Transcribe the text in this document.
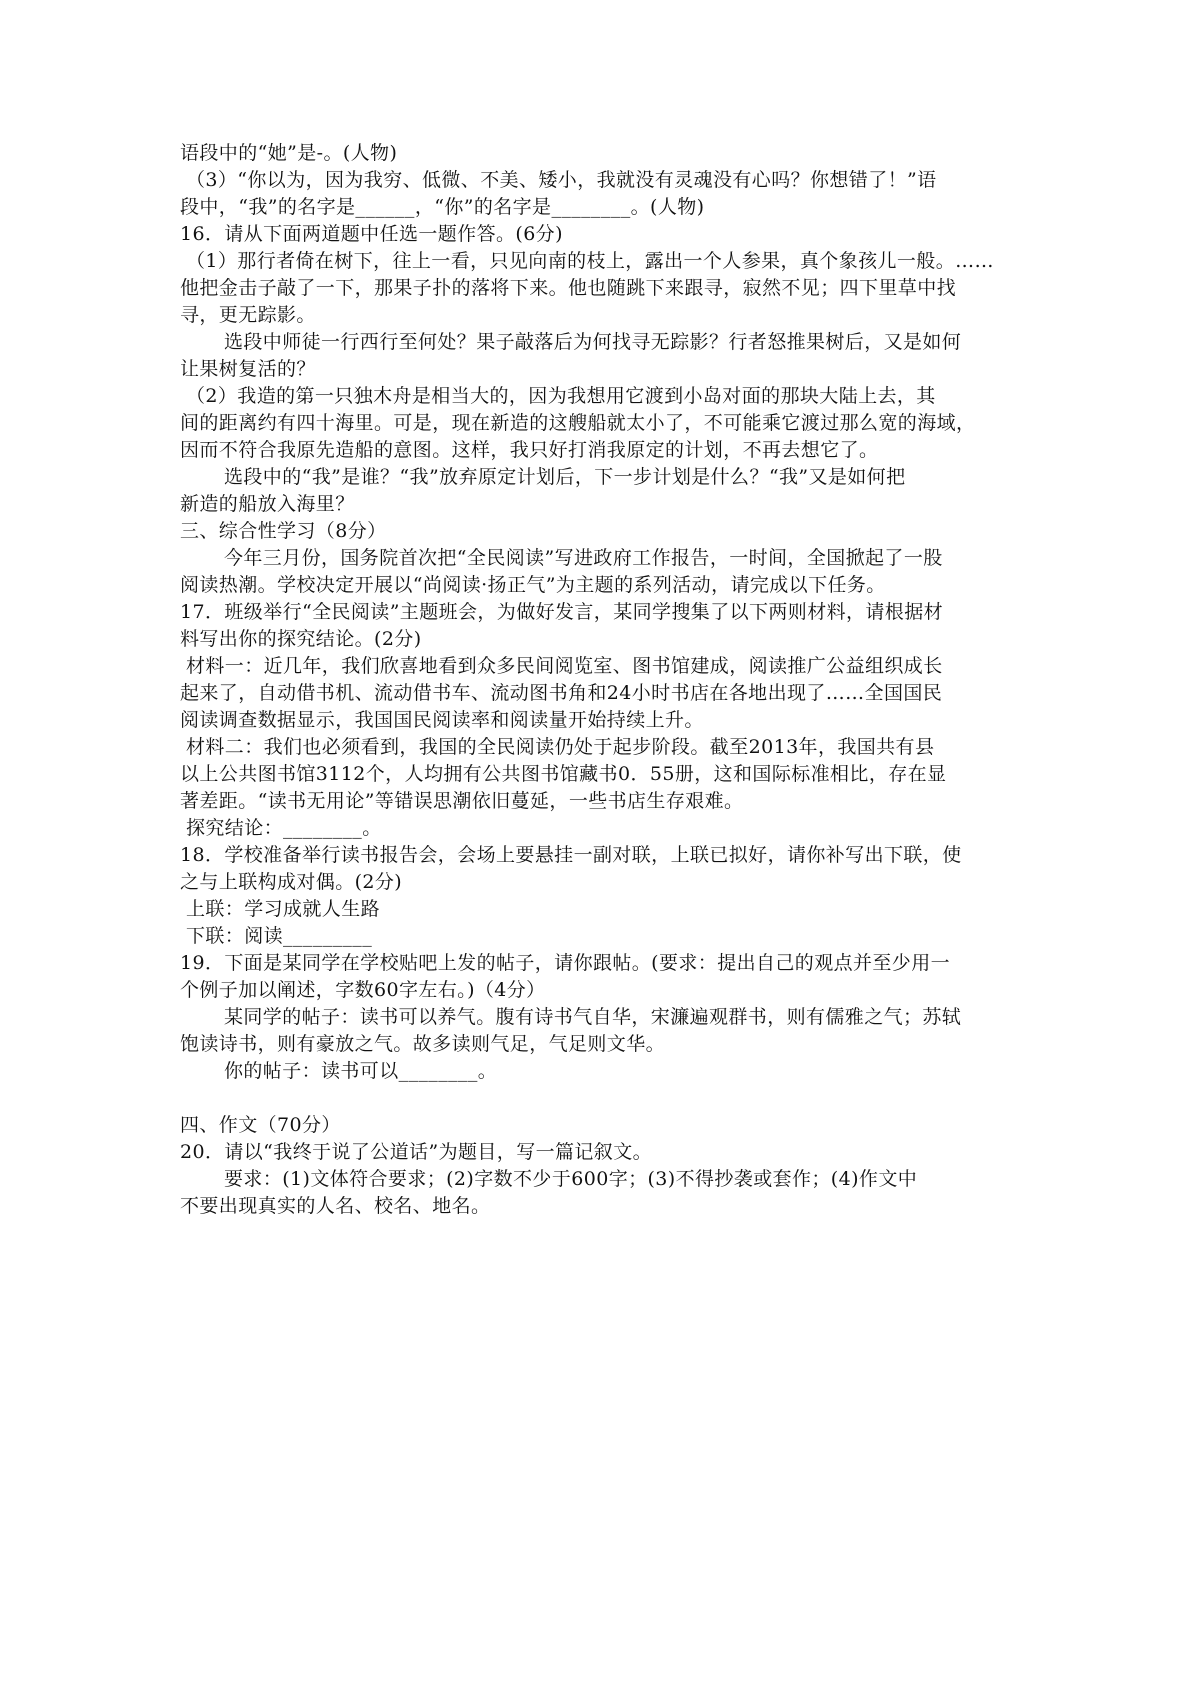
语段中的“她”是-。(人物)
（3）“你以为，因为我穷、低微、不美、矮小，我就没有灵魂没有心吗？你想错了！”语
段中，“我”的名字是______，“你”的名字是________。(人物)
16．请从下面两道题中任选一题作答。(6分)
（1）那行者倚在树下，往上一看，只见向南的枝上，露出一个人参果，真个象孩儿一般。……
他把金击子敲了一下，那果子扑的落将下来。他也随跳下来跟寻，寂然不见；四下里草中找
寻，更无踪影。
选段中师徒一行西行至何处？果子敲落后为何找寻无踪影？行者怒推果树后，又是如何
让果树复活的？
（2）我造的第一只独木舟是相当大的，因为我想用它渡到小岛对面的那块大陆上去，其
间的距离约有四十海里。可是，现在新造的这艘船就太小了，不可能乘它渡过那么宽的海域，
因而不符合我原先造船的意图。这样，我只好打消我原定的计划，不再去想它了。
选段中的“我”是谁？“我”放弃原定计划后，下一步计划是什么？“我”又是如何把
新造的船放入海里？
三、综合性学习（8分）
今年三月份，国务院首次把“全民阅读”写进政府工作报告，一时间，全国掀起了一股
阅读热潮。学校决定开展以“尚阅读·扬正气”为主题的系列活动，请完成以下任务。
17．班级举行“全民阅读”主题班会，为做好发言，某同学搜集了以下两则材料，请根据材
料写出你的探究结论。(2分)
材料一：近几年，我们欣喜地看到众多民间阅览室、图书馆建成，阅读推广公益组织成长
起来了，自动借书机、流动借书车、流动图书角和24小时书店在各地出现了……全国国民
阅读调查数据显示，我国国民阅读率和阅读量开始持续上升。
材料二：我们也必须看到，我国的全民阅读仍处于起步阶段。截至2013年，我国共有县
以上公共图书馆3112个，人均拥有公共图书馆藏书0．55册，这和国际标准相比，存在显
著差距。“读书无用论”等错误思潮依旧蔓延，一些书店生存艰难。
探究结论：________。
18．学校准备举行读书报告会，会场上要悬挂一副对联，上联已拟好，请你补写出下联，使
之与上联构成对偶。(2分)
上联：学习成就人生路
下联：阅读_________
19．下面是某同学在学校贴吧上发的帖子，请你跟帖。(要求：提出自己的观点并至少用一
个例子加以阐述，字数60字左右。)（4分）
某同学的帖子：读书可以养气。腹有诗书气自华，宋濂遍观群书，则有儒雅之气；苏轼
饱读诗书，则有豪放之气。故多读则气足，气足则文华。
你的帖子：读书可以________。
四、作文（70分）
20．请以“我终于说了公道话”为题目，写一篇记叙文。
要求：(1)文体符合要求；(2)字数不少于600字；(3)不得抄袭或套作；(4)作文中
不要出现真实的人名、校名、地名。
